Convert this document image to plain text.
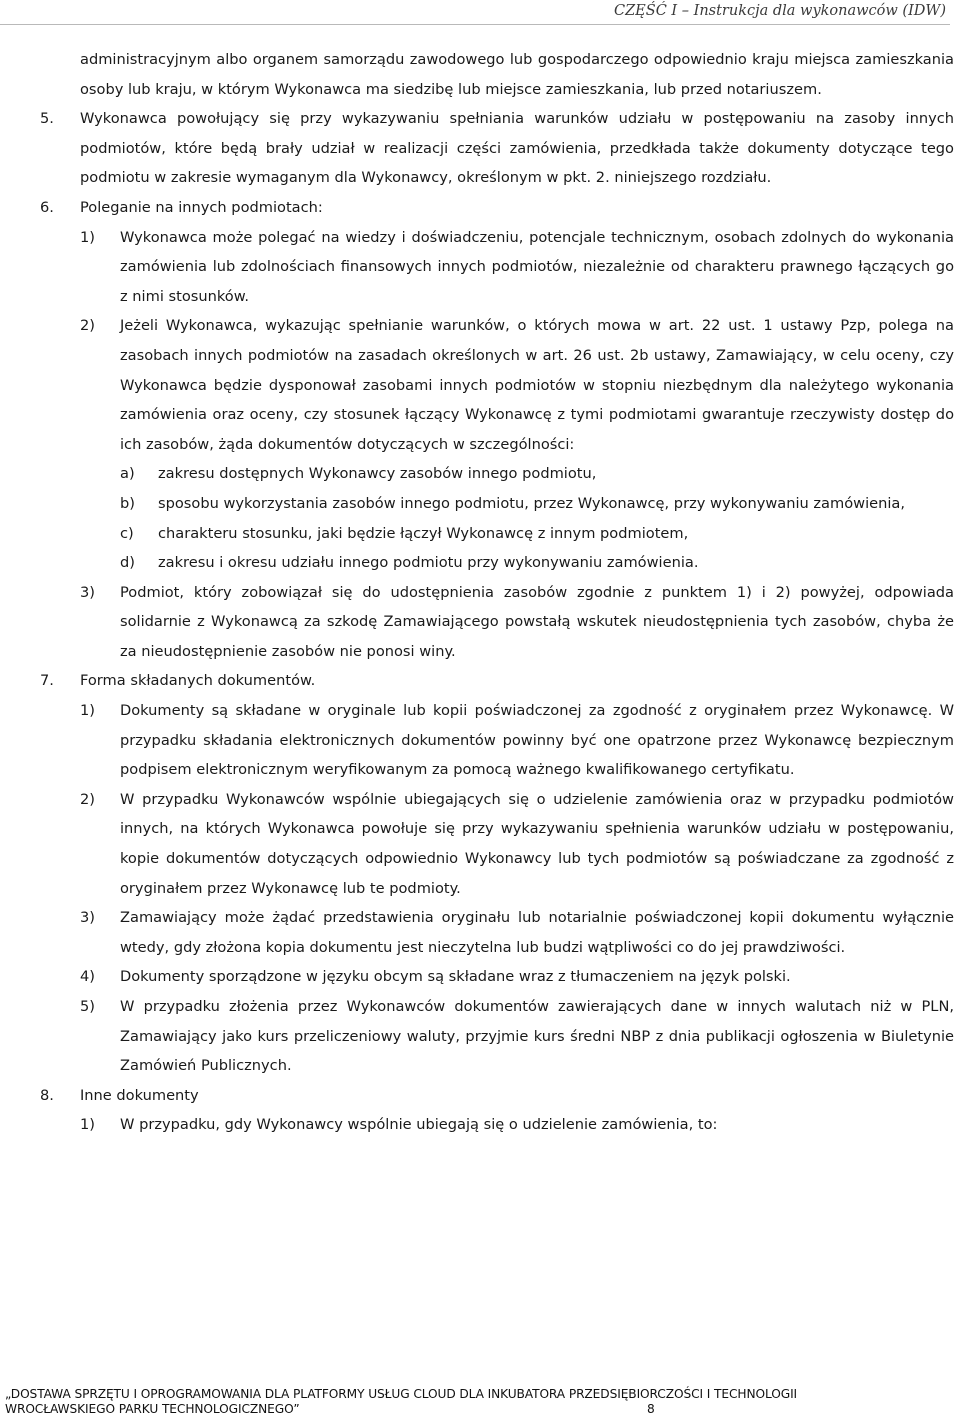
CZĘŚĆ I – Instrukcja dla wykonawców (IDW)

administracyjnym albo organem samorządu zawodowego lub gospodarczego odpowiednio kraju miejsca zamieszkania osoby lub kraju, w którym Wykonawca ma siedzibę lub miejsce zamieszkania, lub przed notariuszem.

5. Wykonawca powołujący się przy wykazywaniu spełniania warunków udziału w postępowaniu na zasoby innych podmiotów, które będą brały udział w realizacji części zamówienia, przedkłada także dokumenty dotyczące tego podmiotu w zakresie wymaganym dla Wykonawcy, określonym w pkt. 2. niniejszego rozdziału.
6. Poleganie na innych podmiotach:
1) Wykonawca może polegać na wiedzy i doświadczeniu, potencjale technicznym, osobach zdolnych do wykonania zamówienia lub zdolnościach finansowych innych podmiotów, niezależnie od charakteru prawnego łączących go z nimi stosunków.
2) Jeżeli Wykonawca, wykazując spełnianie warunków, o których mowa w art. 22 ust. 1 ustawy Pzp, polega na zasobach innych podmiotów na zasadach określonych w art. 26 ust. 2b ustawy, Zamawiający, w celu oceny, czy Wykonawca będzie dysponował zasobami innych podmiotów w stopniu niezbędnym dla należytego wykonania zamówienia oraz oceny, czy stosunek łączący Wykonawcę z tymi podmiotami gwarantuje rzeczywisty dostęp do ich zasobów, żąda dokumentów dotyczących w szczególności:
a) zakresu dostępnych Wykonawcy zasobów innego podmiotu,
b) sposobu wykorzystania zasobów innego podmiotu, przez Wykonawcę, przy wykonywaniu zamówienia,
c) charakteru stosunku, jaki będzie łączył Wykonawcę z innym podmiotem,
d) zakresu i okresu udziału innego podmiotu przy wykonywaniu zamówienia.
3) Podmiot, który zobowiązał się do udostępnienia zasobów zgodnie z punktem 1) i 2) powyżej, odpowiada solidarnie z Wykonawcą za szkodę Zamawiającego powstałą wskutek nieudostępnienia tych zasobów, chyba że za nieudostępnienie zasobów nie ponosi winy.
7. Forma składanych dokumentów.
1) Dokumenty są składane w oryginale lub kopii poświadczonej za zgodność z oryginałem przez Wykonawcę. W przypadku składania elektronicznych dokumentów powinny być one opatrzone przez Wykonawcę bezpiecznym podpisem elektronicznym weryfikowanym za pomocą ważnego kwalifikowanego certyfikatu.
2) W przypadku Wykonawców wspólnie ubiegających się o udzielenie zamówienia oraz w przypadku podmiotów innych, na których Wykonawca powołuje się przy wykazywaniu spełnienia warunków udziału w postępowaniu, kopie dokumentów dotyczących odpowiednio Wykonawcy lub tych podmiotów są poświadczane za zgodność z oryginałem przez Wykonawcę lub te podmioty.
3) Zamawiający może żądać przedstawienia oryginału lub notarialnie poświadczonej kopii dokumentu wyłącznie wtedy, gdy złożona kopia dokumentu jest nieczytelna lub budzi wątpliwości co do jej prawdziwości.
4) Dokumenty sporządzone w języku obcym są składane wraz z tłumaczeniem na język polski.
5) W przypadku złożenia przez Wykonawców dokumentów zawierających dane w innych walutach niż w PLN, Zamawiający jako kurs przeliczeniowy waluty, przyjmie kurs średni NBP z dnia publikacji ogłoszenia w Biuletynie Zamówień Publicznych.
8. Inne dokumenty
1) W przypadku, gdy Wykonawcy wspólnie ubiegają się o udzielenie zamówienia, to:
„DOSTAWA SPRZĘTU I OPROGRAMOWANIA DLA PLATFORMY USŁUG CLOUD DLA INKUBATORA PRZEDSIĘBIORCZOŚCI I TECHNOLOGII
WROCŁAWSKIEGO PARKU TECHNOLOGICZNEGO”	8
